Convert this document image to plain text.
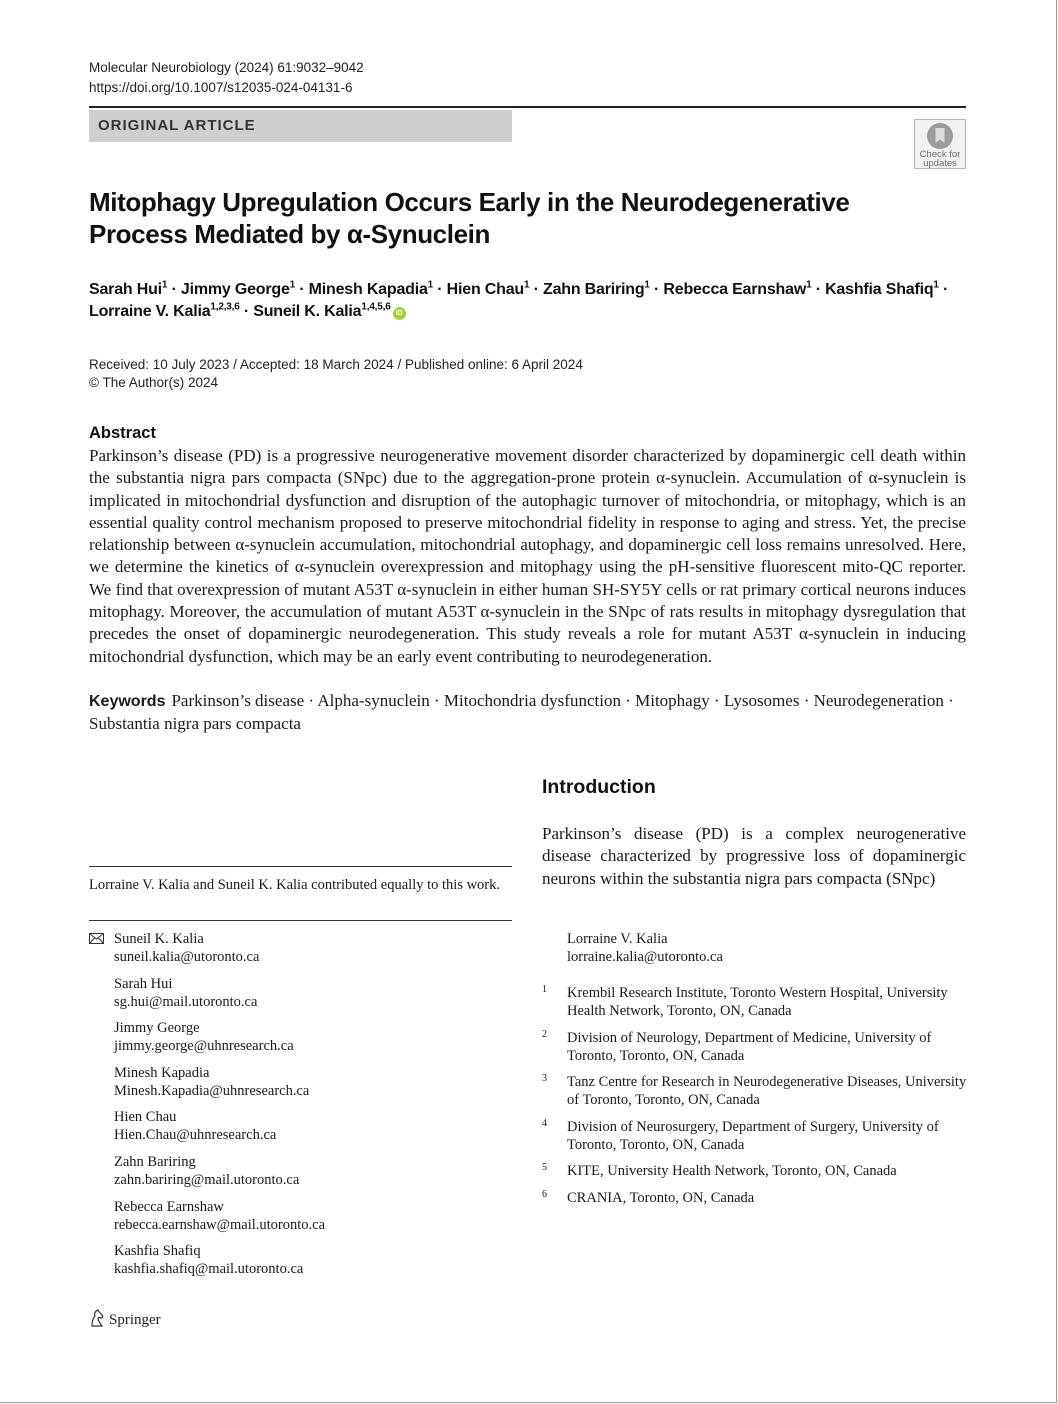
Molecular Neurobiology (2024) 61:9032–9042
https://doi.org/10.1007/s12035-024-04131-6
ORIGINAL ARTICLE
Check for
updates
Mitophagy Upregulation Occurs Early in the Neurodegenerative
Process Mediated by α-Synuclein
Sarah Hui$^1$ · Jimmy George$^1$ · Minesh Kapadia$^1$ · Hien Chau$^1$ · Zahn Bariring$^1$ · Rebecca Earnshaw$^1$ · Kashfia Shafiq$^1$ ·
Lorraine V. Kalia$^{1,2,3,6}$ · Suneil K. Kalia$^{1,4,5,6}$iD
Received: 10 July 2023 / Accepted: 18 March 2024 / Published online: 6 April 2024
© The Author(s) 2024
Abstract
Parkinson’s disease (PD) is a progressive neurogenerative movement disorder characterized by dopaminergic cell death within the substantia nigra pars compacta (SNpc) due to the aggregation-prone protein α-synuclein. Accumulation of α-synuclein is implicated in mitochondrial dysfunction and disruption of the autophagic turnover of mitochondria, or mitophagy, which is an essential quality control mechanism proposed to preserve mitochondrial fidelity in response to aging and stress. Yet, the precise relationship between α-synuclein accumulation, mitochondrial autophagy, and dopaminergic cell loss remains unresolved. Here, we determine the kinetics of α-synuclein overexpression and mitophagy using the pH-sensitive fluorescent mito-QC reporter. We find that overexpression of mutant A53T α-synuclein in either human SH-SY5Y cells or rat primary cortical neurons induces mitophagy. Moreover, the accumulation of mutant A53T α-synuclein in the SNpc of rats results in mitophagy dysregulation that precedes the onset of dopaminergic neurodegeneration. This study reveals a role for mutant A53T α-synuclein in inducing mitochondrial dysfunction, which may be an early event contributing to neurodegeneration.
Keywords Parkinson’s disease · Alpha-synuclein · Mitochondria dysfunction · Mitophagy · Lysosomes · Neurodegeneration · Substantia nigra pars compacta
Introduction
Parkinson’s disease (PD) is a complex neurogenerative disease characterized by progressive loss of dopaminergic neurons within the substantia nigra pars compacta (SNpc)
Lorraine V. Kalia and Suneil K. Kalia contributed equally to this work.
Suneil K. Kalia
suneil.kalia@utoronto.ca
Sarah Hui
sg.hui@mail.utoronto.ca
Jimmy George
jimmy.george@uhnresearch.ca
Minesh Kapadia
Minesh.Kapadia@uhnresearch.ca
Hien Chau
Hien.Chau@uhnresearch.ca
Zahn Bariring
zahn.bariring@mail.utoronto.ca
Rebecca Earnshaw
rebecca.earnshaw@mail.utoronto.ca
Kashfia Shafiq
kashfia.shafiq@mail.utoronto.ca
Lorraine V. Kalia
lorraine.kalia@utoronto.ca
1 Krembil Research Institute, Toronto Western Hospital, University Health Network, Toronto, ON, Canada
2 Division of Neurology, Department of Medicine, University of Toronto, Toronto, ON, Canada
3 Tanz Centre for Research in Neurodegenerative Diseases, University of Toronto, Toronto, ON, Canada
4 Division of Neurosurgery, Department of Surgery, University of Toronto, Toronto, ON, Canada
5 KITE, University Health Network, Toronto, ON, Canada
6 CRANIA, Toronto, ON, Canada
Springer
